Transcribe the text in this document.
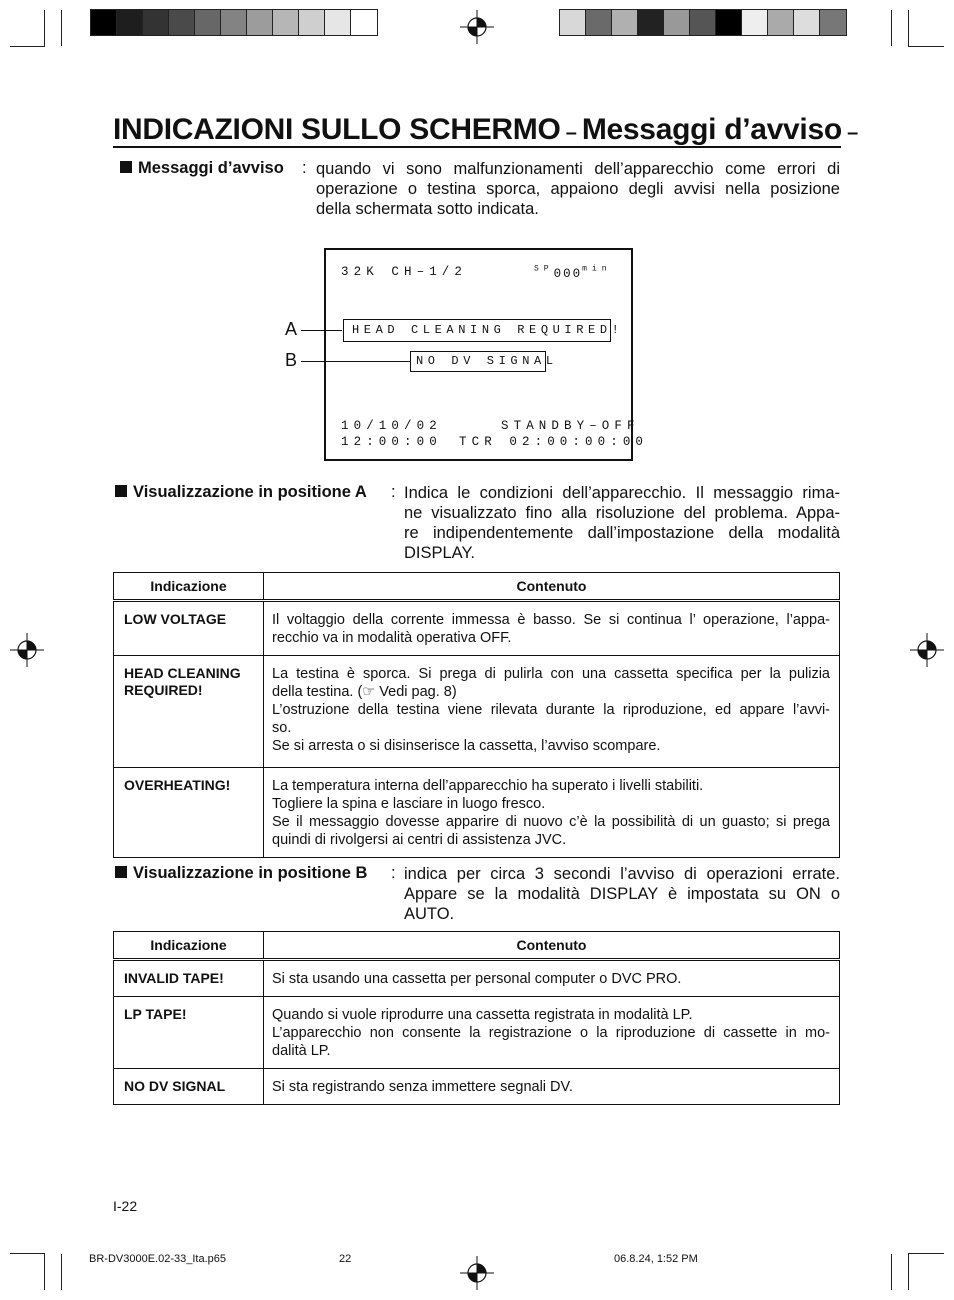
INDICAZIONI SULLO SCHERMO – Messaggi d’avviso –
Messaggi d’avviso : quando vi sono malfunzionamenti dell’apparecchio come errori di
operazione o testina sporca, appaiono degli avvisi nella posizione
della schermata sotto indicata.
32K CH–1/2	$^{SP}000^{min}$
HEAD CLEANING REQUIRED!
NO DV SIGNAL
10/10/02	STANDBY–OFF
12:00:00 TCR 02:00:00:00
A
B
Visualizzazione in positione A : Indica le condizioni dell’apparecchio. Il messaggio rima-
ne visualizzato fino alla risoluzione del problema. Appa-
re indipendentemente dall’impostazione della modalità
DISPLAY.
Indicazione	Contenuto
LOW VOLTAGE	Il voltaggio della corrente immessa è basso. Se si continua l’ operazione, l’appa-
recchio va in modalità operativa OFF.

HEAD CLEANING
REQUIRED!	La testina è sporca. Si prega di pulirla con una cassetta specifica per la pulizia
della testina. (☞ Vedi pag. 8)
L’ostruzione della testina viene rilevata durante la riproduzione, ed appare l’avvi-
so.
Se si arresta o si disinserisce la cassetta, l’avviso scompare.

OVERHEATING!	La temperatura interna dell’apparecchio ha superato i livelli stabiliti.
Togliere la spina e lasciare in luogo fresco.
Se il messaggio dovesse apparire di nuovo c’è la possibilità di un guasto; si prega
quindi di rivolgersi ai centri di assistenza JVC.
Visualizzazione in positione B : indica per circa 3 secondi l’avviso di operazioni errate.
Appare se la modalità DISPLAY è impostata su ON o
AUTO.
Indicazione	Contenuto
INVALID TAPE!	Si sta usando una cassetta per personal computer o DVC PRO.

LP TAPE!	Quando si vuole riprodurre una cassetta registrata in modalità LP.
L’apparecchio non consente la registrazione o la riproduzione di cassette in mo-
dalità LP.

NO DV SIGNAL	Si sta registrando senza immettere segnali DV.
I-22
BR-DV3000E.02-33_Ita.p65	22	06.8.24, 1:52 PM
